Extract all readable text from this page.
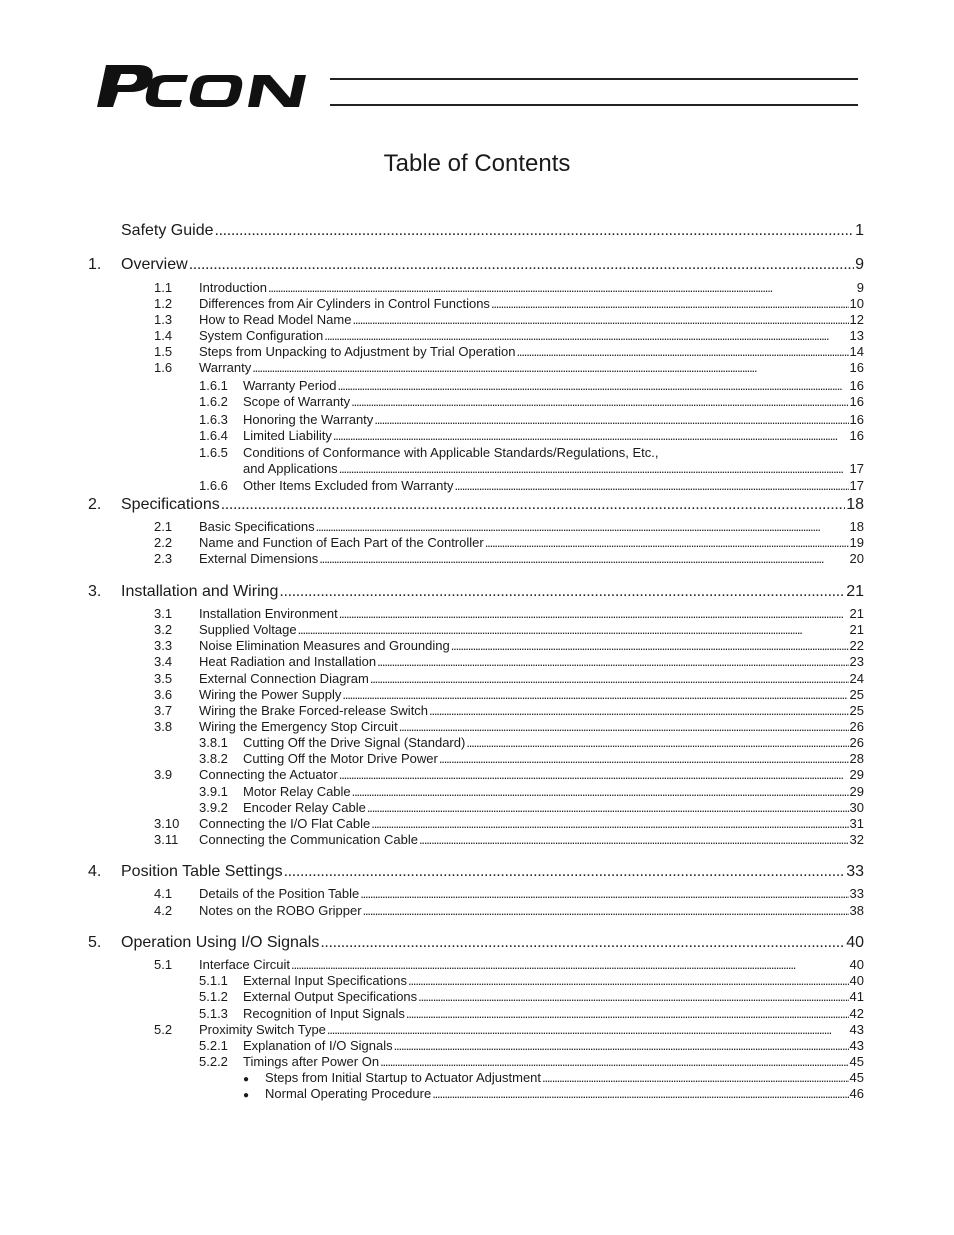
Table of Contents
Safety Guide . . .	1
1.	Overview . . .	9
1.1	Introduction . . .	9
1.2	Differences from Air Cylinders in Control Functions . . .	10
1.3	How to Read Model Name . . .	12
1.4	System Configuration . . .	13
1.5	Steps from Unpacking to Adjustment by Trial Operation . . .	14
1.6	Warranty . . .	16
1.6.1	Warranty Period . . .	16
1.6.2	Scope of Warranty . . .	16
1.6.3	Honoring the Warranty . . .	16
1.6.4	Limited Liability . . .	16
1.6.5	Conditions of Conformance with Applicable Standards/Regulations, Etc.,
and Applications . . .	17
1.6.6	Other Items Excluded from Warranty . . .	17
2.	Specifications . . .	18
2.1	Basic Specifications . . .	18
2.2	Name and Function of Each Part of the Controller . . .	19
2.3	External Dimensions . . .	20
3.	Installation and Wiring . . .	21
3.1	Installation Environment . . .	21
3.2	Supplied Voltage . . .	21
3.3	Noise Elimination Measures and Grounding . . .	22
3.4	Heat Radiation and Installation . . .	23
3.5	External Connection Diagram . . .	24
3.6	Wiring the Power Supply . . .	25
3.7	Wiring the Brake Forced-release Switch . . .	25
3.8	Wiring the Emergency Stop Circuit . . .	26
3.8.1	Cutting Off the Drive Signal (Standard) . . .	26
3.8.2	Cutting Off the Motor Drive Power . . .	28
3.9	Connecting the Actuator . . .	29
3.9.1	Motor Relay Cable . . .	29
3.9.2	Encoder Relay Cable . . .	30
3.10	Connecting the I/O Flat Cable . . .	31
3.11	Connecting the Communication Cable . . .	32
4.	Position Table Settings . . .	33
4.1	Details of the Position Table . . .	33
4.2	Notes on the ROBO Gripper . . .	38
5.	Operation Using I/O Signals . . .	40
5.1	Interface Circuit . . .	40
5.1.1	External Input Specifications . . .	40
5.1.2	External Output Specifications . . .	41
5.1.3	Recognition of Input Signals . . .	42
5.2	Proximity Switch Type . . .	43
5.2.1	Explanation of I/O Signals . . .	43
5.2.2	Timings after Power On . . .	45
●	Steps from Initial Startup to Actuator Adjustment . . .	45
●	Normal Operating Procedure . . .	46
